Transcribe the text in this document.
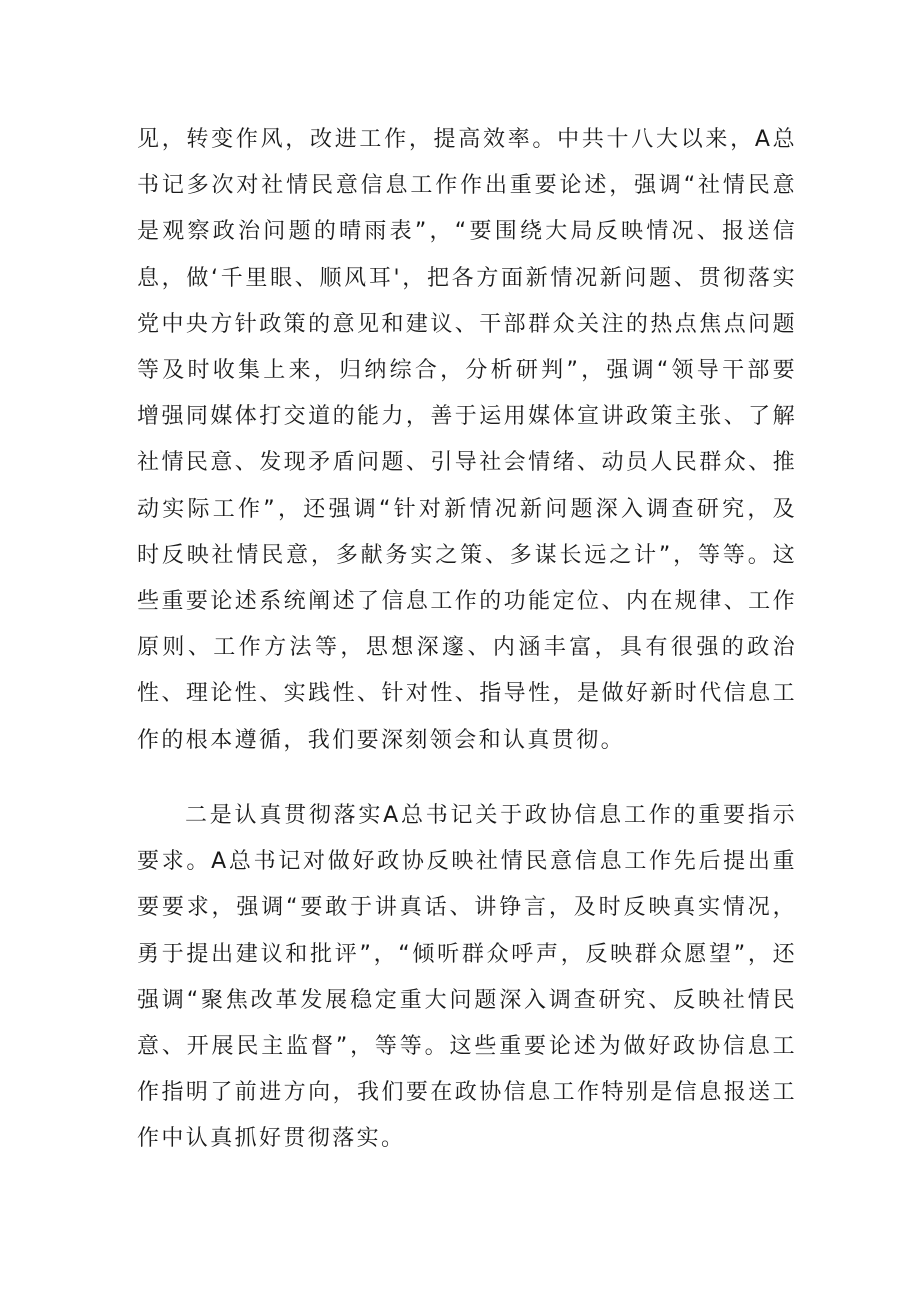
见，转变作风，改进工作，提高效率。中共十八大以来，A总书记多次对社情民意信息工作作出重要论述，强调“社情民意是观察政治问题的晴雨表”，“要围绕大局反映情况、报送信息，做‘千里眼、顺风耳'，把各方面新情况新问题、贯彻落实党中央方针政策的意见和建议、干部群众关注的热点焦点问题等及时收集上来，归纳综合，分析研判”，强调“领导干部要增强同媒体打交道的能力，善于运用媒体宣讲政策主张、了解社情民意、发现矛盾问题、引导社会情绪、动员人民群众、推动实际工作”，还强调“针对新情况新问题深入调查研究，及时反映社情民意，多献务实之策、多谋长远之计”，等等。这些重要论述系统阐述了信息工作的功能定位、内在规律、工作原则、工作方法等，思想深邃、内涵丰富，具有很强的政治性、理论性、实践性、针对性、指导性，是做好新时代信息工作的根本遵循，我们要深刻领会和认真贯彻。

二是认真贯彻落实A总书记关于政协信息工作的重要指示要求。A总书记对做好政协反映社情民意信息工作先后提出重要要求，强调“要敢于讲真话、讲铮言，及时反映真实情况，勇于提出建议和批评”，“倾听群众呼声，反映群众愿望”，还强调“聚焦改革发展稳定重大问题深入调查研究、反映社情民意、开展民主监督”，等等。这些重要论述为做好政协信息工作指明了前进方向，我们要在政协信息工作特别是信息报送工作中认真抓好贯彻落实。
